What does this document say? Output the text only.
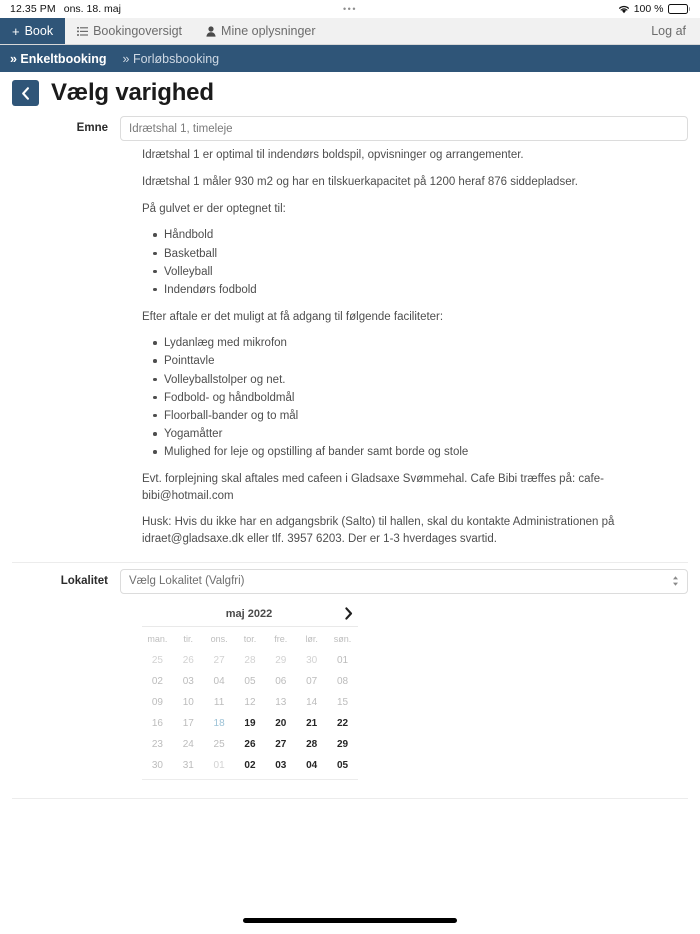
12.35 PM ons. 18. maj	•••	100 %
+ Book	Bookingoversigt	Mine oplysninger	Log af
» Enkeltbooking » Forløbsbooking
Vælg varighed
Emne	Idrætshal 1, timeleje

Idrætshal 1 er optimal til indendørs boldspil, opvisninger og arrangementer.

Idrætshal 1 måler 930 m2 og har en tilskuerkapacitet på 1200 heraf 876 siddepladser.

På gulvet er der optegnet til:

Håndbold
Basketball
Volleyball
Indendørs fodbold

Efter aftale er det muligt at få adgang til følgende faciliteter:

Lydanlæg med mikrofon
Pointtavle
Volleyballstolper og net.
Fodbold- og håndboldmål
Floorball-bander og to mål
Yogamåtter
Mulighed for leje og opstilling af bander samt borde og stole

Evt. forplejning skal aftales med cafeen i Gladsaxe Svømmehal. Cafe Bibi træffes på: cafe-bibi@hotmail.com

Husk: Hvis du ikke har en adgangsbrik (Salto) til hallen, skal du kontakte Administrationen på idraet@gladsaxe.dk eller tlf. 3957 6203. Der er 1-3 hverdages svartid.

Lokalitet	Vælg Lokalitet (Valgfri)
maj 2022
man.	tir.	ons.	tor.	fre.	lør.	søn.
25	26	27	28	29	30	01
02	03	04	05	06	07	08
09	10	11	12	13	14	15
16	17	18	19	20	21	22
23	24	25	26	27	28	29
30	31	01	02	03	04	05
